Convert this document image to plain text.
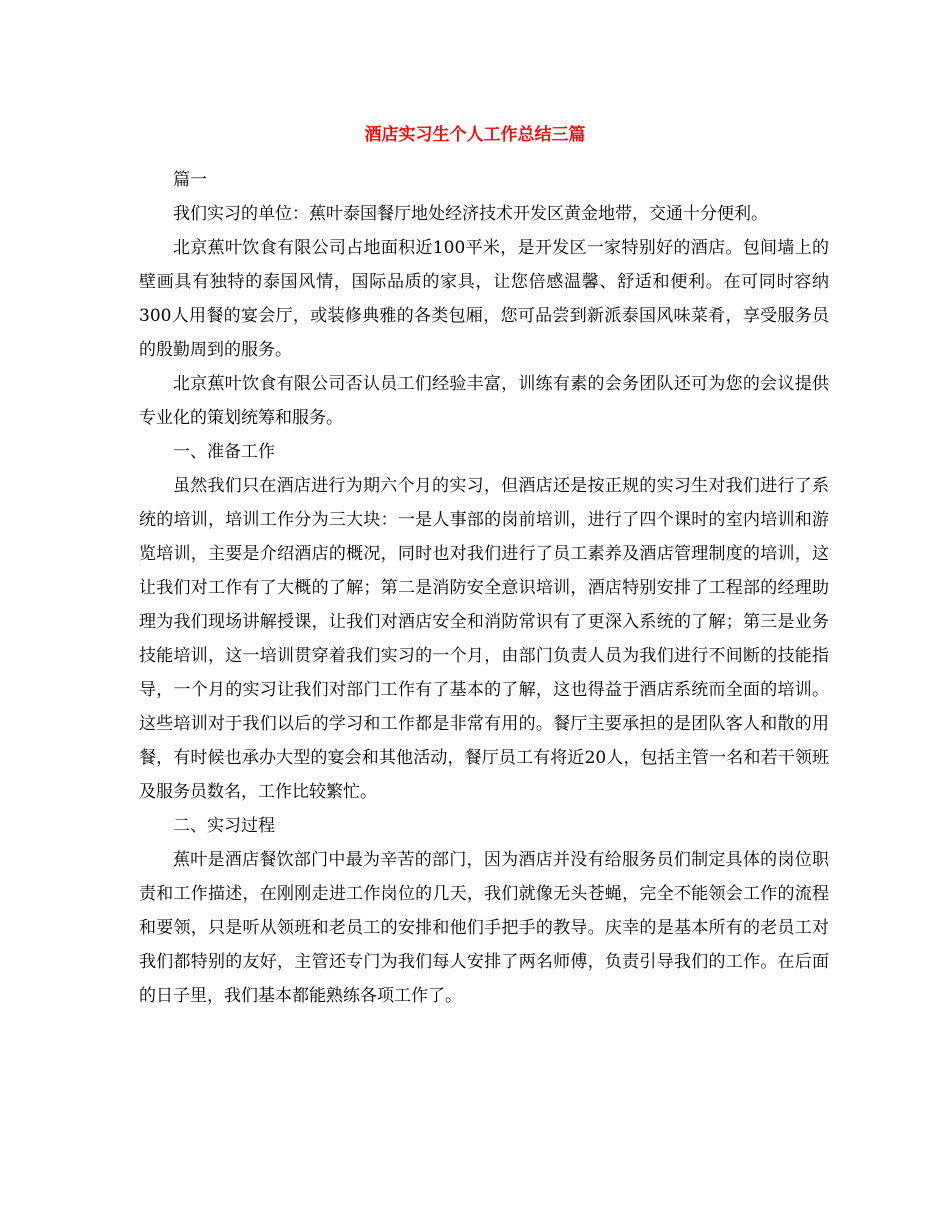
酒店实习生个人工作总结三篇

篇一

我们实习的单位：蕉叶泰国餐厅地处经济技术开发区黄金地带，交通十分便利。

北京蕉叶饮食有限公司占地面积近100平米，是开发区一家特别好的酒店。包间墙上的壁画具有独特的泰国风情，国际品质的家具，让您倍感温馨、舒适和便利。在可同时容纳300人用餐的宴会厅，或装修典雅的各类包厢，您可品尝到新派泰国风味菜肴，享受服务员的殷勤周到的服务。

北京蕉叶饮食有限公司否认员工们经验丰富，训练有素的会务团队还可为您的会议提供专业化的策划统筹和服务。

一、准备工作

虽然我们只在酒店进行为期六个月的实习，但酒店还是按正规的实习生对我们进行了系统的培训，培训工作分为三大块：一是人事部的岗前培训，进行了四个课时的室内培训和游览培训，主要是介绍酒店的概况，同时也对我们进行了员工素养及酒店管理制度的培训，这让我们对工作有了大概的了解；第二是消防安全意识培训，酒店特别安排了工程部的经理助理为我们现场讲解授课，让我们对酒店安全和消防常识有了更深入系统的了解；第三是业务技能培训，这一培训贯穿着我们实习的一个月，由部门负责人员为我们进行不间断的技能指导，一个月的实习让我们对部门工作有了基本的了解，这也得益于酒店系统而全面的培训。这些培训对于我们以后的学习和工作都是非常有用的。餐厅主要承担的是团队客人和散的用餐，有时候也承办大型的宴会和其他活动，餐厅员工有将近20人，包括主管一名和若干领班及服务员数名，工作比较繁忙。

二、实习过程

蕉叶是酒店餐饮部门中最为辛苦的部门，因为酒店并没有给服务员们制定具体的岗位职责和工作描述，在刚刚走进工作岗位的几天，我们就像无头苍蝇，完全不能领会工作的流程和要领，只是听从领班和老员工的安排和他们手把手的教导。庆幸的是基本所有的老员工对我们都特别的友好，主管还专门为我们每人安排了两名师傅，负责引导我们的工作。在后面的日子里，我们基本都能熟练各项工作了。
